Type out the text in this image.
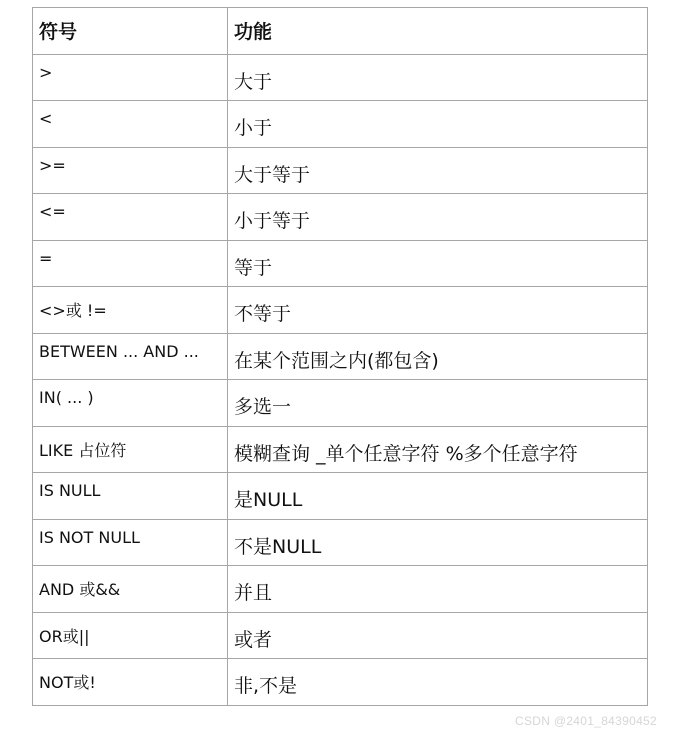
符号	功能
>	大于
<	小于
>=	大于等于
<=	小于等于
=	等于
<>或 !=	不等于
BETWEEN ... AND ...	在某个范围之内(都包含)
IN( ... )	多选一
LIKE 占位符	模糊查询 _单个任意字符 %多个任意字符
IS NULL	是NULL
IS NOT NULL	不是NULL
AND 或&&	并且
OR或||	或者
NOT或!	非,不是
CSDN @2401_84390452
